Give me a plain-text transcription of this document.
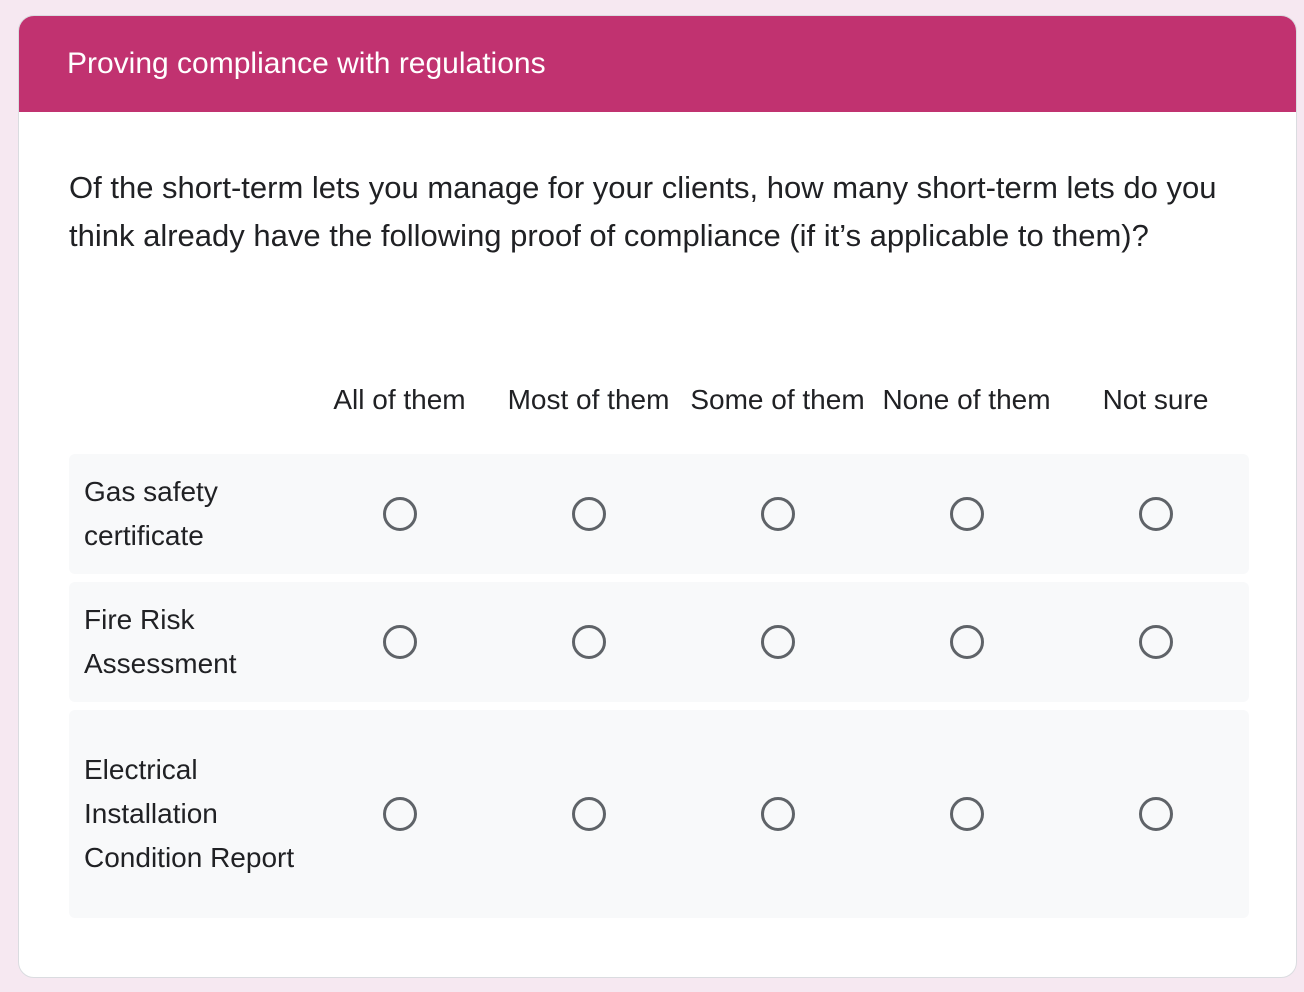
Proving compliance with regulations
Of the short-term lets you manage for your clients, how many short-term lets do you think already have the following proof of compliance (if it’s applicable to them)?
All of them	Most of them Some of them None of them	Not sure
Gas safety certificate
Fire Risk Assessment
Electrical Installation Condition Report
